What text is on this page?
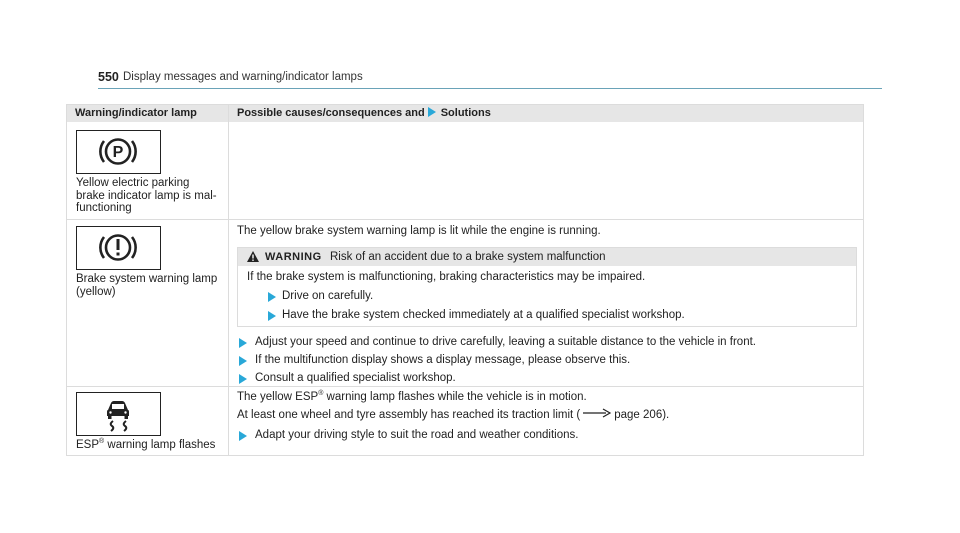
550 Display messages and warning/indicator lamps
Warning/indicator lamp	Possible causes/consequences and Solutions
P
Yellow electric parking
brake indicator lamp is mal-
functioning
Brake system warning lamp
(yellow)
The yellow brake system warning lamp is lit while the engine is running.
WARNING Risk of an accident due to a brake system malfunction
If the brake system is malfunctioning, braking characteristics may be impaired.
Drive on carefully.
Have the brake system checked immediately at a qualified specialist workshop.
Adjust your speed and continue to drive carefully, leaving a suitable distance to the vehicle in front.
If the multifunction display shows a display message, please observe this.
Consult a qualified specialist workshop.
ESP® warning lamp flashes
The yellow ESP® warning lamp flashes while the vehicle is in motion.
At least one wheel and tyre assembly has reached its traction limit (	page 206).
Adapt your driving style to suit the road and weather conditions.
